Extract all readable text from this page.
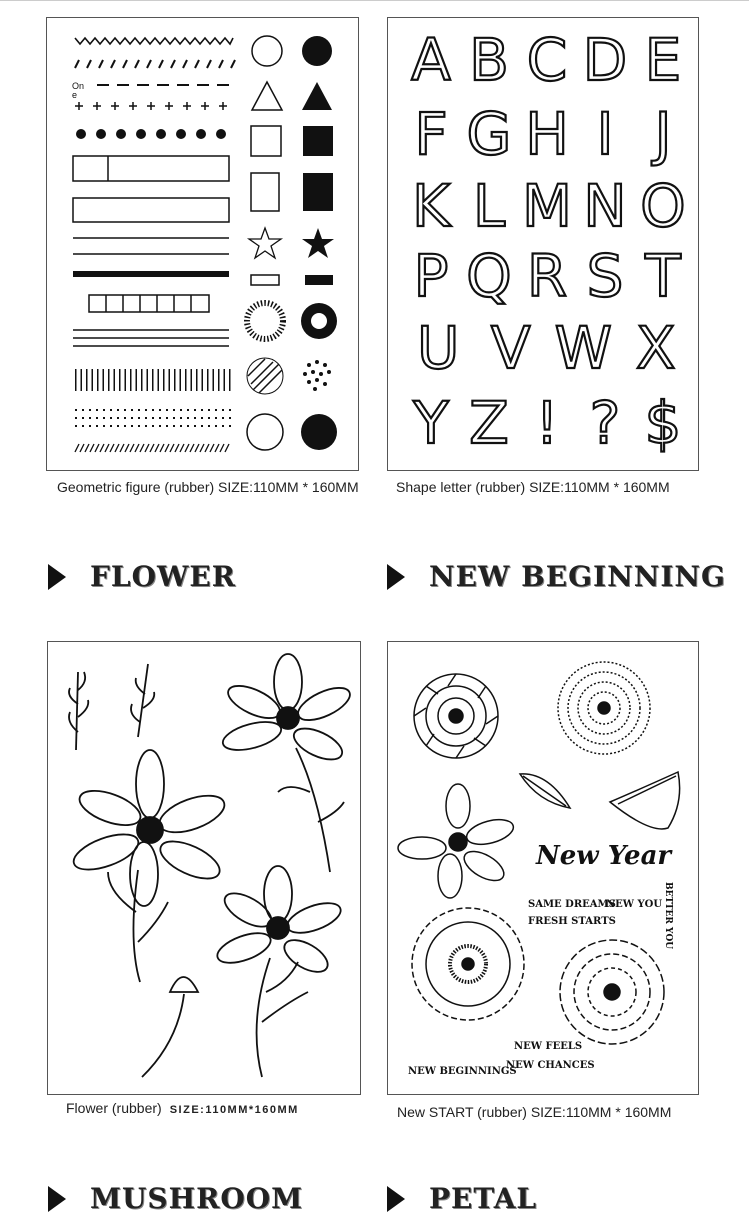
On e
A B C D E
F G H I J
K L M N O
P Q R S T
U V W X
Y Z ! ? $
Geometric figure (rubber) SIZE:110MM * 160MM	Shape letter (rubber) SIZE:110MM * 160MM
FLOWER	NEW BEGINNING
New Year
SAME DREAMS
FRESH STARTS
NEW YOU BETTER YOU
NEW FEELS
NEW CHANCES
NEW BEGINNINGS
Flower (rubber) SIZE:110MM*160MM	New START (rubber) SIZE:110MM * 160MM
MUSHROOM	PETAL
